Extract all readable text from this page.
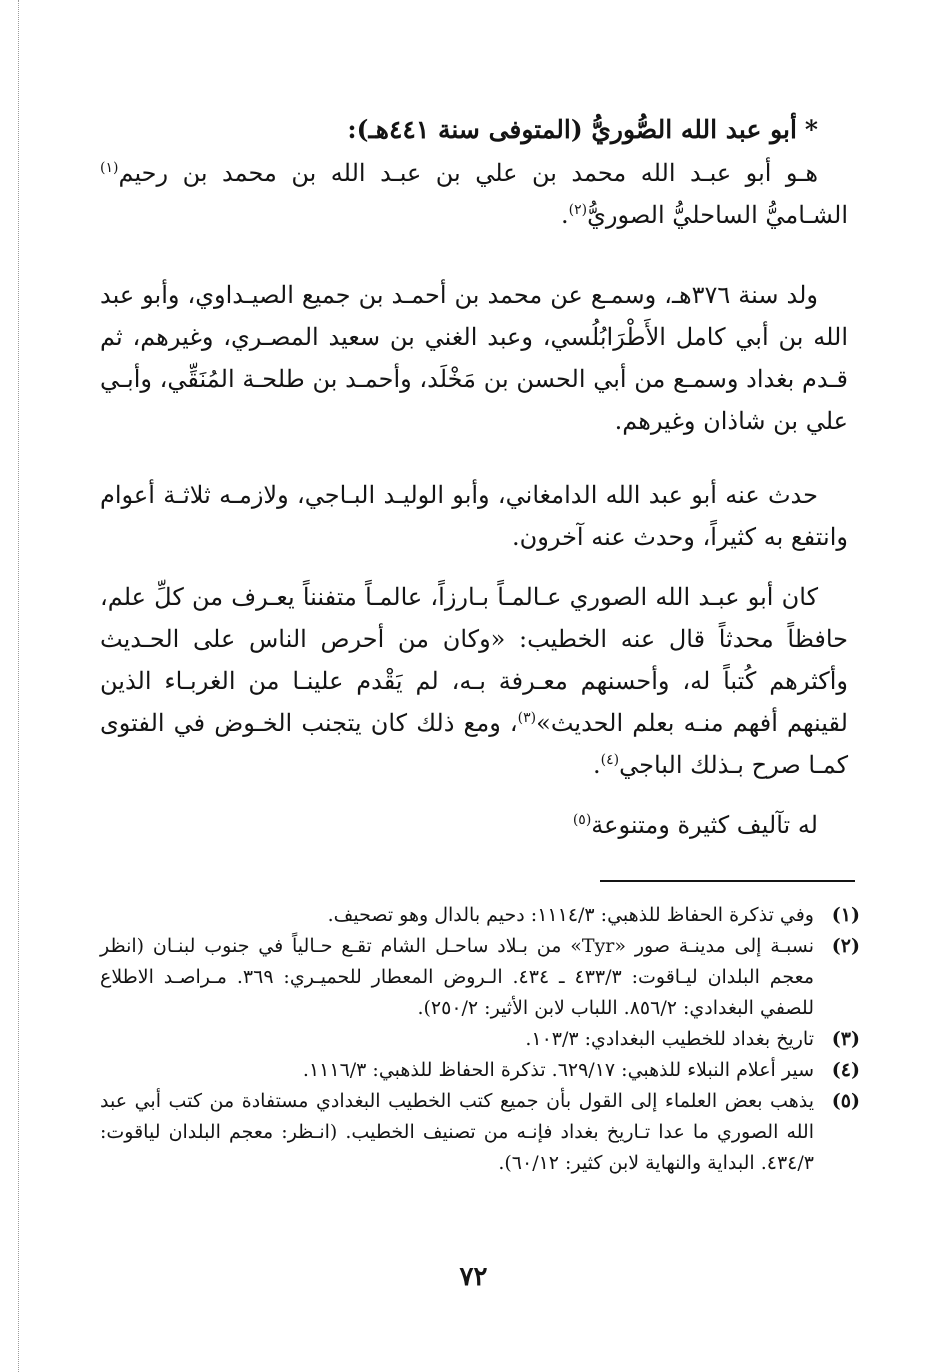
*أبو عبد الله الصُّوريُّ (المتوفى سنة ٤٤١هـ):

هـو أبو عبـد الله محمد بن علي بن عبـد الله بن محمد بن رحيم$^{(١)}$ الشـاميُّ الساحليُّ الصوريُّ$^{(٢)}$.

ولد سنة ٣٧٦هـ، وسمـع عن محمد بن أحمـد بن جميع الصيـداوي، وأبو عبد الله بن أبي كامل الأَطْرَابُلُسي، وعبد الغني بن سعيد المصـري، وغيرهم، ثم قـدم بغداد وسمـع من أبي الحسن بن مَخْلَد، وأحمـد بن طلحـة المُنَقِّي، وأبـي علي بن شاذان وغيرهم.

حدث عنه أبو عبد الله الدامغاني، وأبو الوليـد البـاجي، ولازمـه ثلاثـة أعوام وانتفع به كثيراً، وحدث عنه آخرون.

كان أبو عبـد الله الصوري عـالمـاً بـارزاً، عالمـاً متفنناً يعـرف من كلِّ علم، حافظاً محدثاً قال عنه الخطيب: «وكان من أحرص الناس على الحـديث وأكثرهم كُتباً له، وأحسنهم معـرفة بـه، لم يَقْدم علينـا من الغربـاء الذين لقينهم أفهم منـه بعلم الحديث»$^{(٣)}$، ومع ذلك كان يتجنب الخـوض في الفتوى كمـا صرح بـذلك الباجي$^{(٤)}$.

له تآليف كثيرة ومتنوعة$^{(٥)}$

(١)
وفي تذكرة الحفاظ للذهبي: ١١١٤/٣: دحيم بالدال وهو تصحيف.
(٢)
نسبـة إلى مدينـة صور «Tyr» من بـلاد ساحـل الشام تقـع حـالياً في جنوب لبنـان (انظر معجم البلدان ليـاقوت: ٤٣٣/٣ ـ ٤٣٤. الـروض المعطار للحميـري: ٣٦٩. مـراصـد الاطلاع للصفي البغدادي: ٨٥٦/٢. اللباب لابن الأثير: ٢٥٠/٢).
(٣)
تاريخ بغداد للخطيب البغدادي: ١٠٣/٣.
(٤)
سير أعلام النبلاء للذهبي: ٦٢٩/١٧. تذكرة الحفاظ للذهبي: ١١١٦/٣.
(٥)
يذهب بعض العلماء إلى القول بأن جميع كتب الخطيب البغدادي مستفادة من كتب أبي عبد الله الصوري ما عدا تـاريخ بغداد فإنـه من تصنيف الخطيب. (انـظر: معجم البلدان لياقوت: ٤٣٤/٣. البداية والنهاية لابن كثير: ٦٠/١٢).
٧٢
